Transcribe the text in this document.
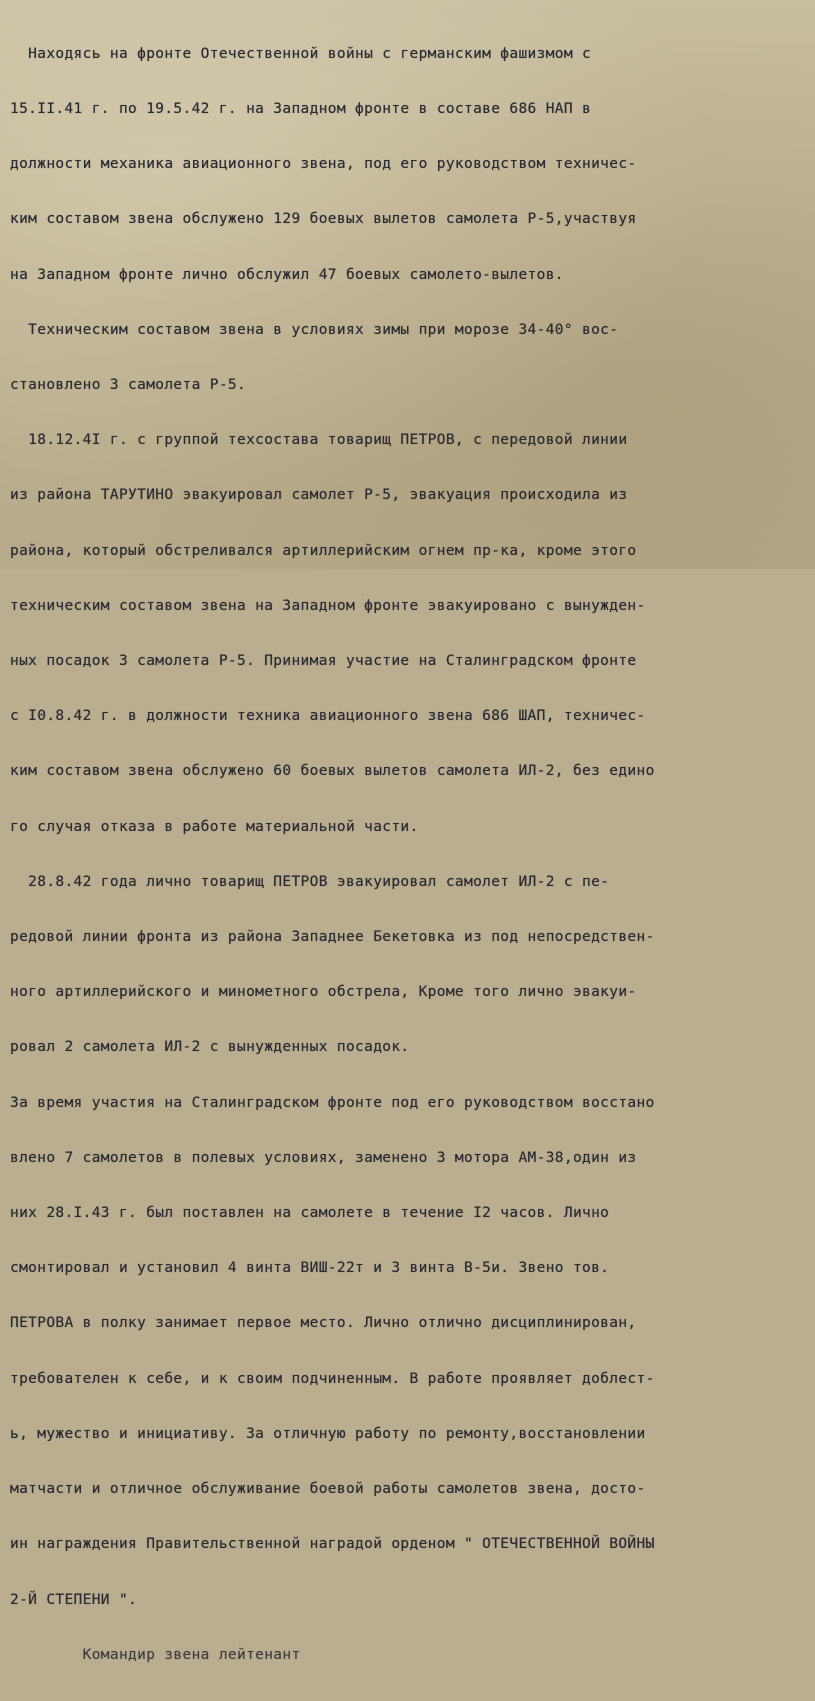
Находясь на фронте Отечественной войны с германским фашизмом с

15.II.41 г. по 19.5.42 г. на Западном фронте в составе 686 НАП в

должности механика авиационного звена, под его руководством техничес-

ким составом звена обслужено 129 боевых вылетов самолета Р-5,участвуя

на Западном фронте лично обслужил 47 боевых самолето-вылетов.

Техническим составом звена в условиях зимы при морозе 34-40° вос-

становлено 3 самолета Р-5.

18.12.4I г. с группой техсостава товарищ ПЕТРОВ, с передовой линии

из района ТАРУТИНО эвакуировал самолет Р-5, эвакуация происходила из

района, который обстреливался артиллерийским огнем пр-ка, кроме этого

техническим составом звена на Западном фронте эвакуировано с вынужден-

ных посадок 3 самолета Р-5. Принимая участие на Сталинградском фронте

с I0.8.42 г. в должности техника авиационного звена 686 ШАП, техничес-

ким составом звена обслужено 60 боевых вылетов самолета ИЛ-2, без едино

го случая отказа в работе материальной части.

28.8.42 года лично товарищ ПЕТРОВ эвакуировал самолет ИЛ-2 с пе-

редовой линии фронта из района Западнее Бекетовка из под непосредствен-

ного артиллерийского и минометного обстрела, Кроме того лично эвакуи-

ровал 2 самолета ИЛ-2 с вынужденных посадок.

За время участия на Сталинградском фронте под его руководством восстано

влено 7 самолетов в полевых условиях, заменено 3 мотора АМ-38,один из

них 28.I.43 г. был поставлен на самолете в течение I2 часов. Лично

смонтировал и установил 4 винта ВИШ-22т и 3 винта В-5и. Звено тов.

ПЕТРОВА в полку занимает первое место. Лично отлично дисциплинирован,

требователен к себе, и к своим подчиненным. В работе проявляет доблест-

ь, мужество и инициативу. За отличную работу по ремонту,восстановлении

матчасти и отличное обслуживание боевой работы самолетов звена, досто-

ин награждения Правительственной наградой орденом " ОТЕЧЕСТВЕННОЙ ВОЙНЫ

2-Й СТЕПЕНИ ".

Командир звена лейтенант
